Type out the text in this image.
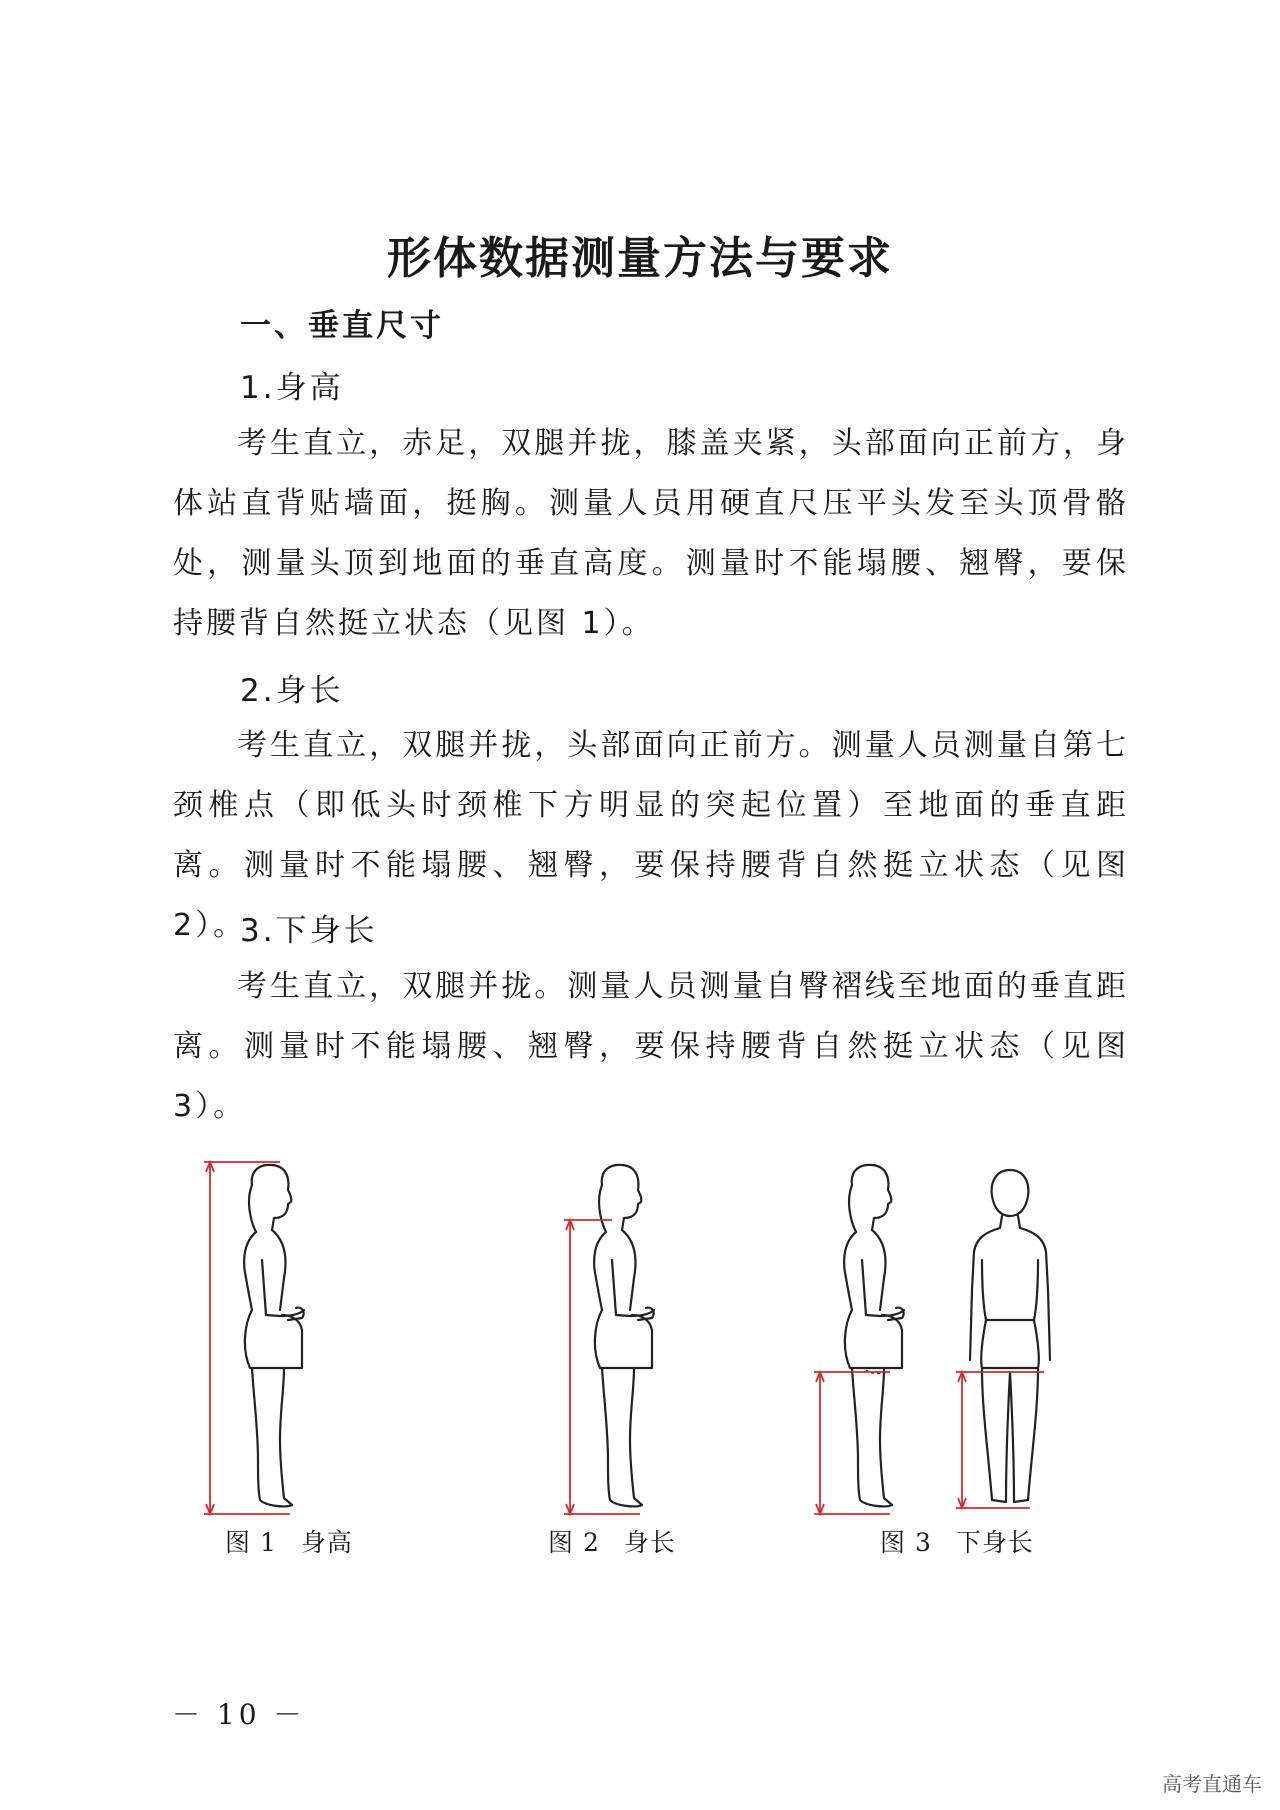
形体数据测量方法与要求
一、垂直尺寸
1.身高

考生直立，赤足，双腿并拢，膝盖夹紧，头部面向正前方，身体站直背贴墙面，挺胸。测量人员用硬直尺压平头发至头顶骨骼处，测量头顶到地面的垂直高度。测量时不能塌腰、翘臀，要保持腰背自然挺立状态（见图 1）。

2.身长

考生直立，双腿并拢，头部面向正前方。测量人员测量自第七颈椎点（即低头时颈椎下方明显的突起位置）至地面的垂直距离。测量时不能塌腰、翘臀，要保持腰背自然挺立状态（见图 2）。

3.下身长

考生直立，双腿并拢。测量人员测量自臀褶线至地面的垂直距离。测量时不能塌腰、翘臀，要保持腰背自然挺立状态（见图 3）。

图 1 身高	图 2 身长	图 3 下身长
－ 10 －
高考直通车
